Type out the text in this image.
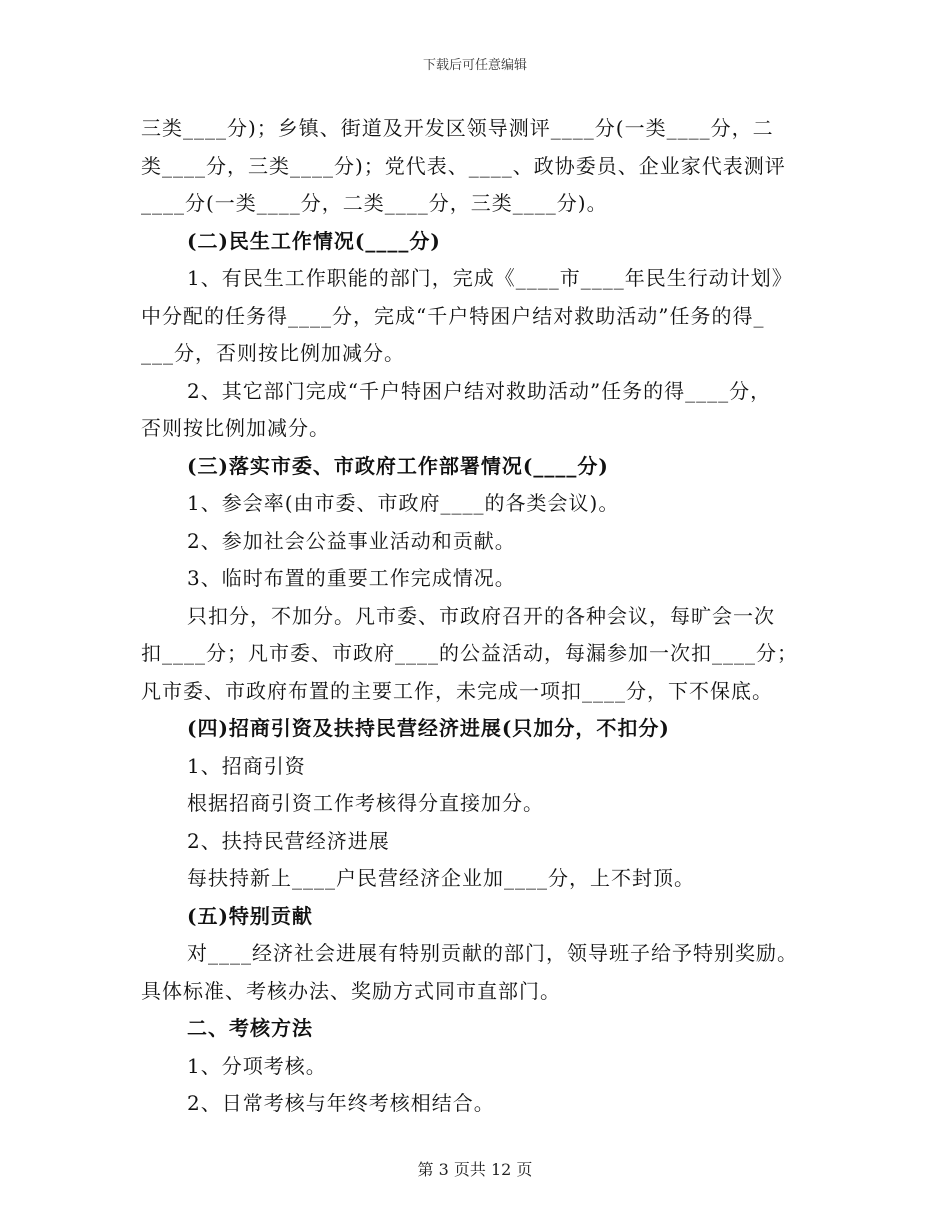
下载后可任意编辑

三类____分)；乡镇、街道及开发区领导测评____分(一类____分，二

类____分，三类____分)；党代表、____、政协委员、企业家代表测评

____分(一类____分，二类____分，三类____分)。

(二)民生工作情况(____分)

1、有民生工作职能的部门，完成《____市____年民生行动计划》

中分配的任务得____分，完成“千户特困户结对救助活动”任务的得_

___分，否则按比例加减分。

2、其它部门完成“千户特困户结对救助活动”任务的得____分，

否则按比例加减分。

(三)落实市委、市政府工作部署情况(____分)

1、参会率(由市委、市政府____的各类会议)。

2、参加社会公益事业活动和贡献。

3、临时布置的重要工作完成情况。

只扣分，不加分。凡市委、市政府召开的各种会议，每旷会一次

扣____分；凡市委、市政府____的公益活动，每漏参加一次扣____分；

凡市委、市政府布置的主要工作，未完成一项扣____分，下不保底。

(四)招商引资及扶持民营经济进展(只加分，不扣分)

1、招商引资

根据招商引资工作考核得分直接加分。

2、扶持民营经济进展

每扶持新上____户民营经济企业加____分，上不封顶。

(五)特别贡献

对____经济社会进展有特别贡献的部门，领导班子给予特别奖励。

具体标准、考核办法、奖励方式同市直部门。

二、考核方法

1、分项考核。

2、日常考核与年终考核相结合。

第 3 页共 12 页
